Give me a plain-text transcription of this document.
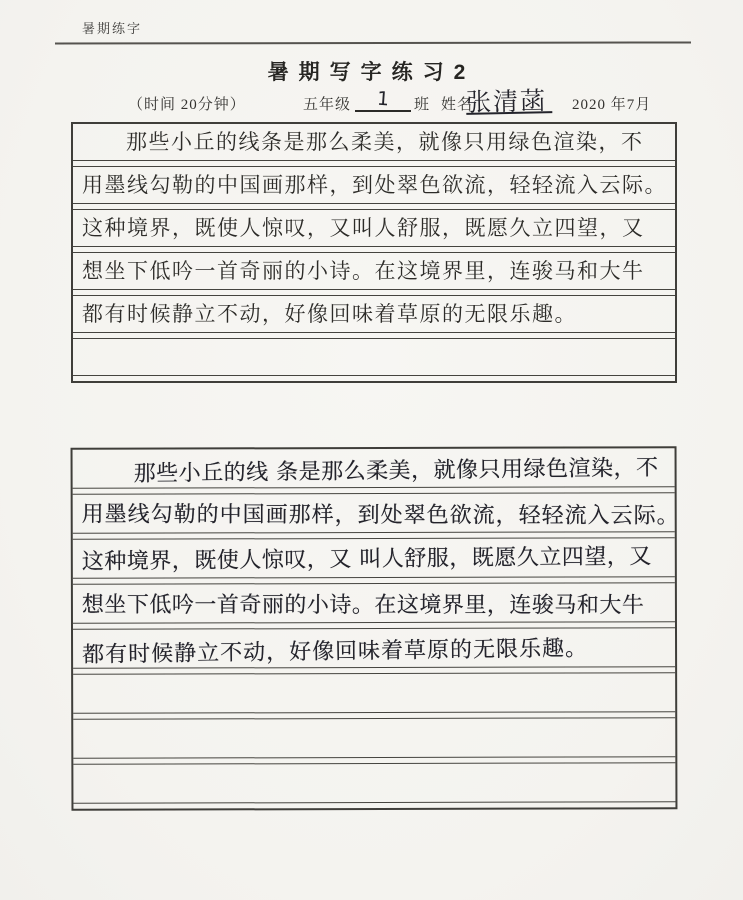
暑期练字
暑期写字练习2
（时间 20分钟）	五年级	1	班 姓名
张清菡	2020 年7月
那些小丘的线条是那么柔美，就像只用绿色渲染，不
用墨线勾勒的中国画那样，到处翠色欲流，轻轻流入云际。
这种境界，既使人惊叹，又叫人舒服，既愿久立四望，又
想坐下低吟一首奇丽的小诗。在这境界里，连骏马和大牛
都有时候静立不动，好像回味着草原的无限乐趣。
那些小丘的线 条是那么柔美，就像只用绿色渲染，不
用墨线勾勒的中国画那样，到处翠色欲流，轻轻流入云际。
这种境界，既使人惊叹，又 叫人舒服，既愿久立四望，又
想坐下低吟一首奇丽的小诗。在这境界里，连骏马和大牛
都有时候静立不动，好像回味着草原的无限乐趣。
